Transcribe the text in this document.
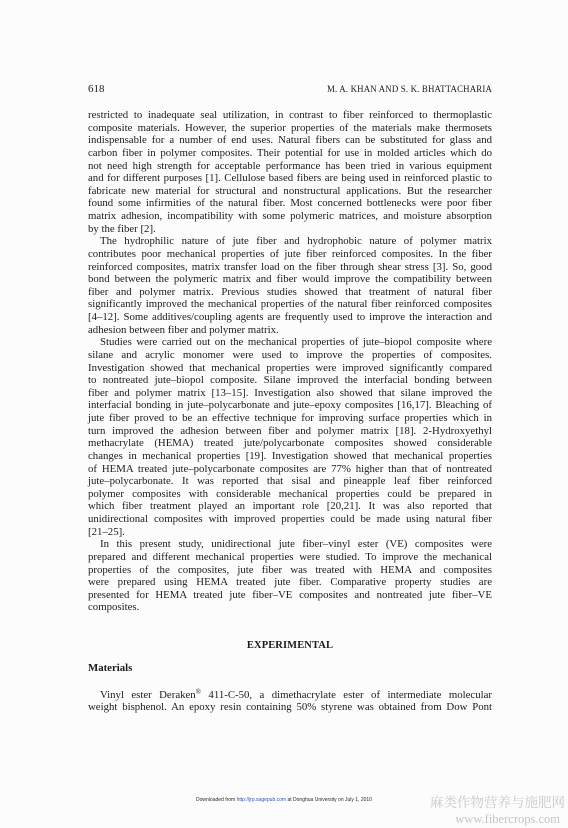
618	M. A. KHAN AND S. K. BHATTACHARIA
restricted to inadequate seal utilization, in contrast to fiber reinforced to thermoplastic
composite materials. However, the superior properties of the materials make thermosets
indispensable for a number of end uses. Natural fibers can be substituted for glass and
carbon fiber in polymer composites. Their potential for use in molded articles which do
not need high strength for acceptable performance has been tried in various equipment
and for different purposes [1]. Cellulose based fibers are being used in reinforced plastic to
fabricate new material for structural and nonstructural applications. But the researcher
found some infirmities of the natural fiber. Most concerned bottlenecks were poor fiber
matrix adhesion, incompatibility with some polymeric matrices, and moisture absorption
by the fiber [2].
The hydrophilic nature of jute fiber and hydrophobic nature of polymer matrix
contributes poor mechanical properties of jute fiber reinforced composites. In the fiber
reinforced composites, matrix transfer load on the fiber through shear stress [3]. So, good
bond between the polymeric matrix and fiber would improve the compatibility between
fiber and polymer matrix. Previous studies showed that treatment of natural fiber
significantly improved the mechanical properties of the natural fiber reinforced composites
[4–12]. Some additives/coupling agents are frequently used to improve the interaction and
adhesion between fiber and polymer matrix.
Studies were carried out on the mechanical properties of jute–biopol composite where
silane and acrylic monomer were used to improve the properties of composites.
Investigation showed that mechanical properties were improved significantly compared
to nontreated jute–biopol composite. Silane improved the interfacial bonding between
fiber and polymer matrix [13–15]. Investigation also showed that silane improved the
interfacial bonding in jute–polycarbonate and jute–epoxy composites [16,17]. Bleaching of
jute fiber proved to be an effective technique for improving surface properties which in
turn improved the adhesion between fiber and polymer matrix [18]. 2-Hydroxyethyl
methacrylate (HEMA) treated jute/polycarbonate composites showed considerable
changes in mechanical properties [19]. Investigation showed that mechanical properties
of HEMA treated jute–polycarbonate composites are 77% higher than that of nontreated
jute–polycarbonate. It was reported that sisal and pineapple leaf fiber reinforced
polymer composites with considerable mechanical properties could be prepared in
which fiber treatment played an important role [20,21]. It was also reported that
unidirectional composites with improved properties could be made using natural fiber
[21–25].
In this present study, unidirectional jute fiber–vinyl ester (VE) composites were
prepared and different mechanical properties were studied. To improve the mechanical
properties of the composites, jute fiber was treated with HEMA and composites
were prepared using HEMA treated jute fiber. Comparative property studies are
presented for HEMA treated jute fiber–VE composites and nontreated jute fiber–VE
composites.
EXPERIMENTAL
Materials
Vinyl ester Deraken® 411-C-50, a dimethacrylate ester of intermediate molecular
weight bisphenol. An epoxy resin containing 50% styrene was obtained from Dow Pont
Downloaded from http://jrp.sagepub.com at Donghua University on July 1, 2010	麻类作物营养与施肥网
www.fibercrops.com
